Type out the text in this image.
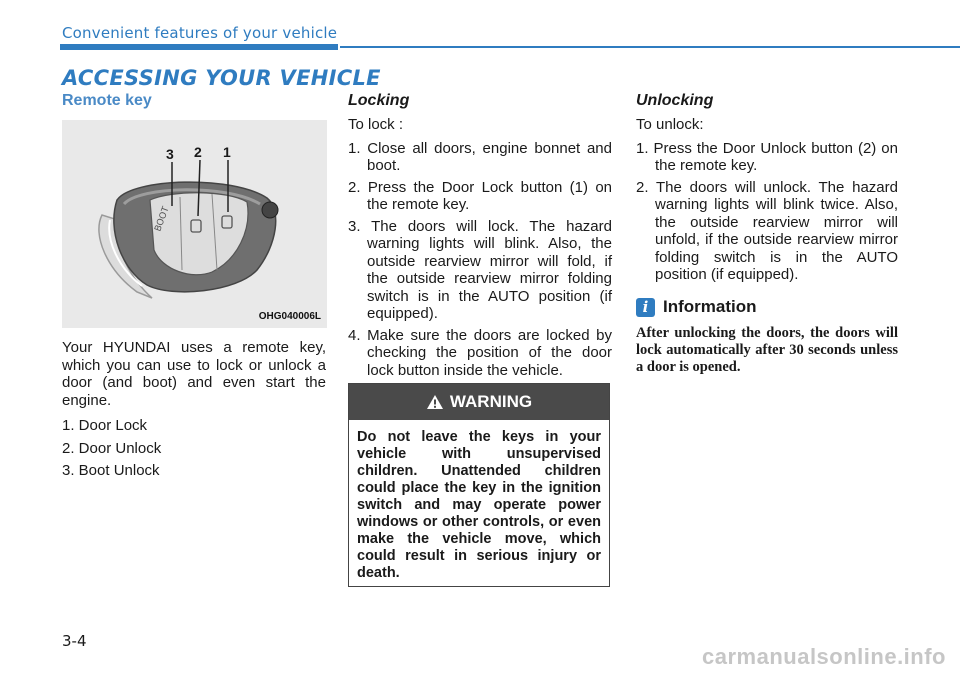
Convenient features of your vehicle
ACCESSING YOUR VEHICLE
Remote key
BOOT
3 2 1
OHG040006L

Your HYUNDAI uses a remote key, which you can use to lock or unlock a door (and boot) and even start the engine.

1. Door Lock
2. Door Unlock
3. Boot Unlock
Locking

To lock :

1. Close all doors, engine bonnet and boot.
2. Press the Door Lock button (1) on the remote key.
3. The doors will lock. The hazard warning lights will blink. Also, the outside rearview mirror will fold, if the outside rearview mirror folding switch is in the AUTO position (if equipped).
4. Make sure the doors are locked by checking the position of the door lock button inside the vehicle.
WARNING
Do not leave the keys in your vehicle with unsupervised children. Unattended children could place the key in the ignition switch and may operate power windows or other controls, or even make the vehicle move, which could result in serious injury or death.
Unlocking

To unlock:

1. Press the Door Unlock button (2) on the remote key.
2. The doors will unlock. The hazard warning lights will blink twice. Also, the outside rearview mirror will unfold, if the outside rearview mirror folding switch is in the AUTO position (if equipped).
i Information
After unlocking the doors, the doors will lock automatically after 30 seconds unless a door is opened.
3-4
carmanualsonline.info
